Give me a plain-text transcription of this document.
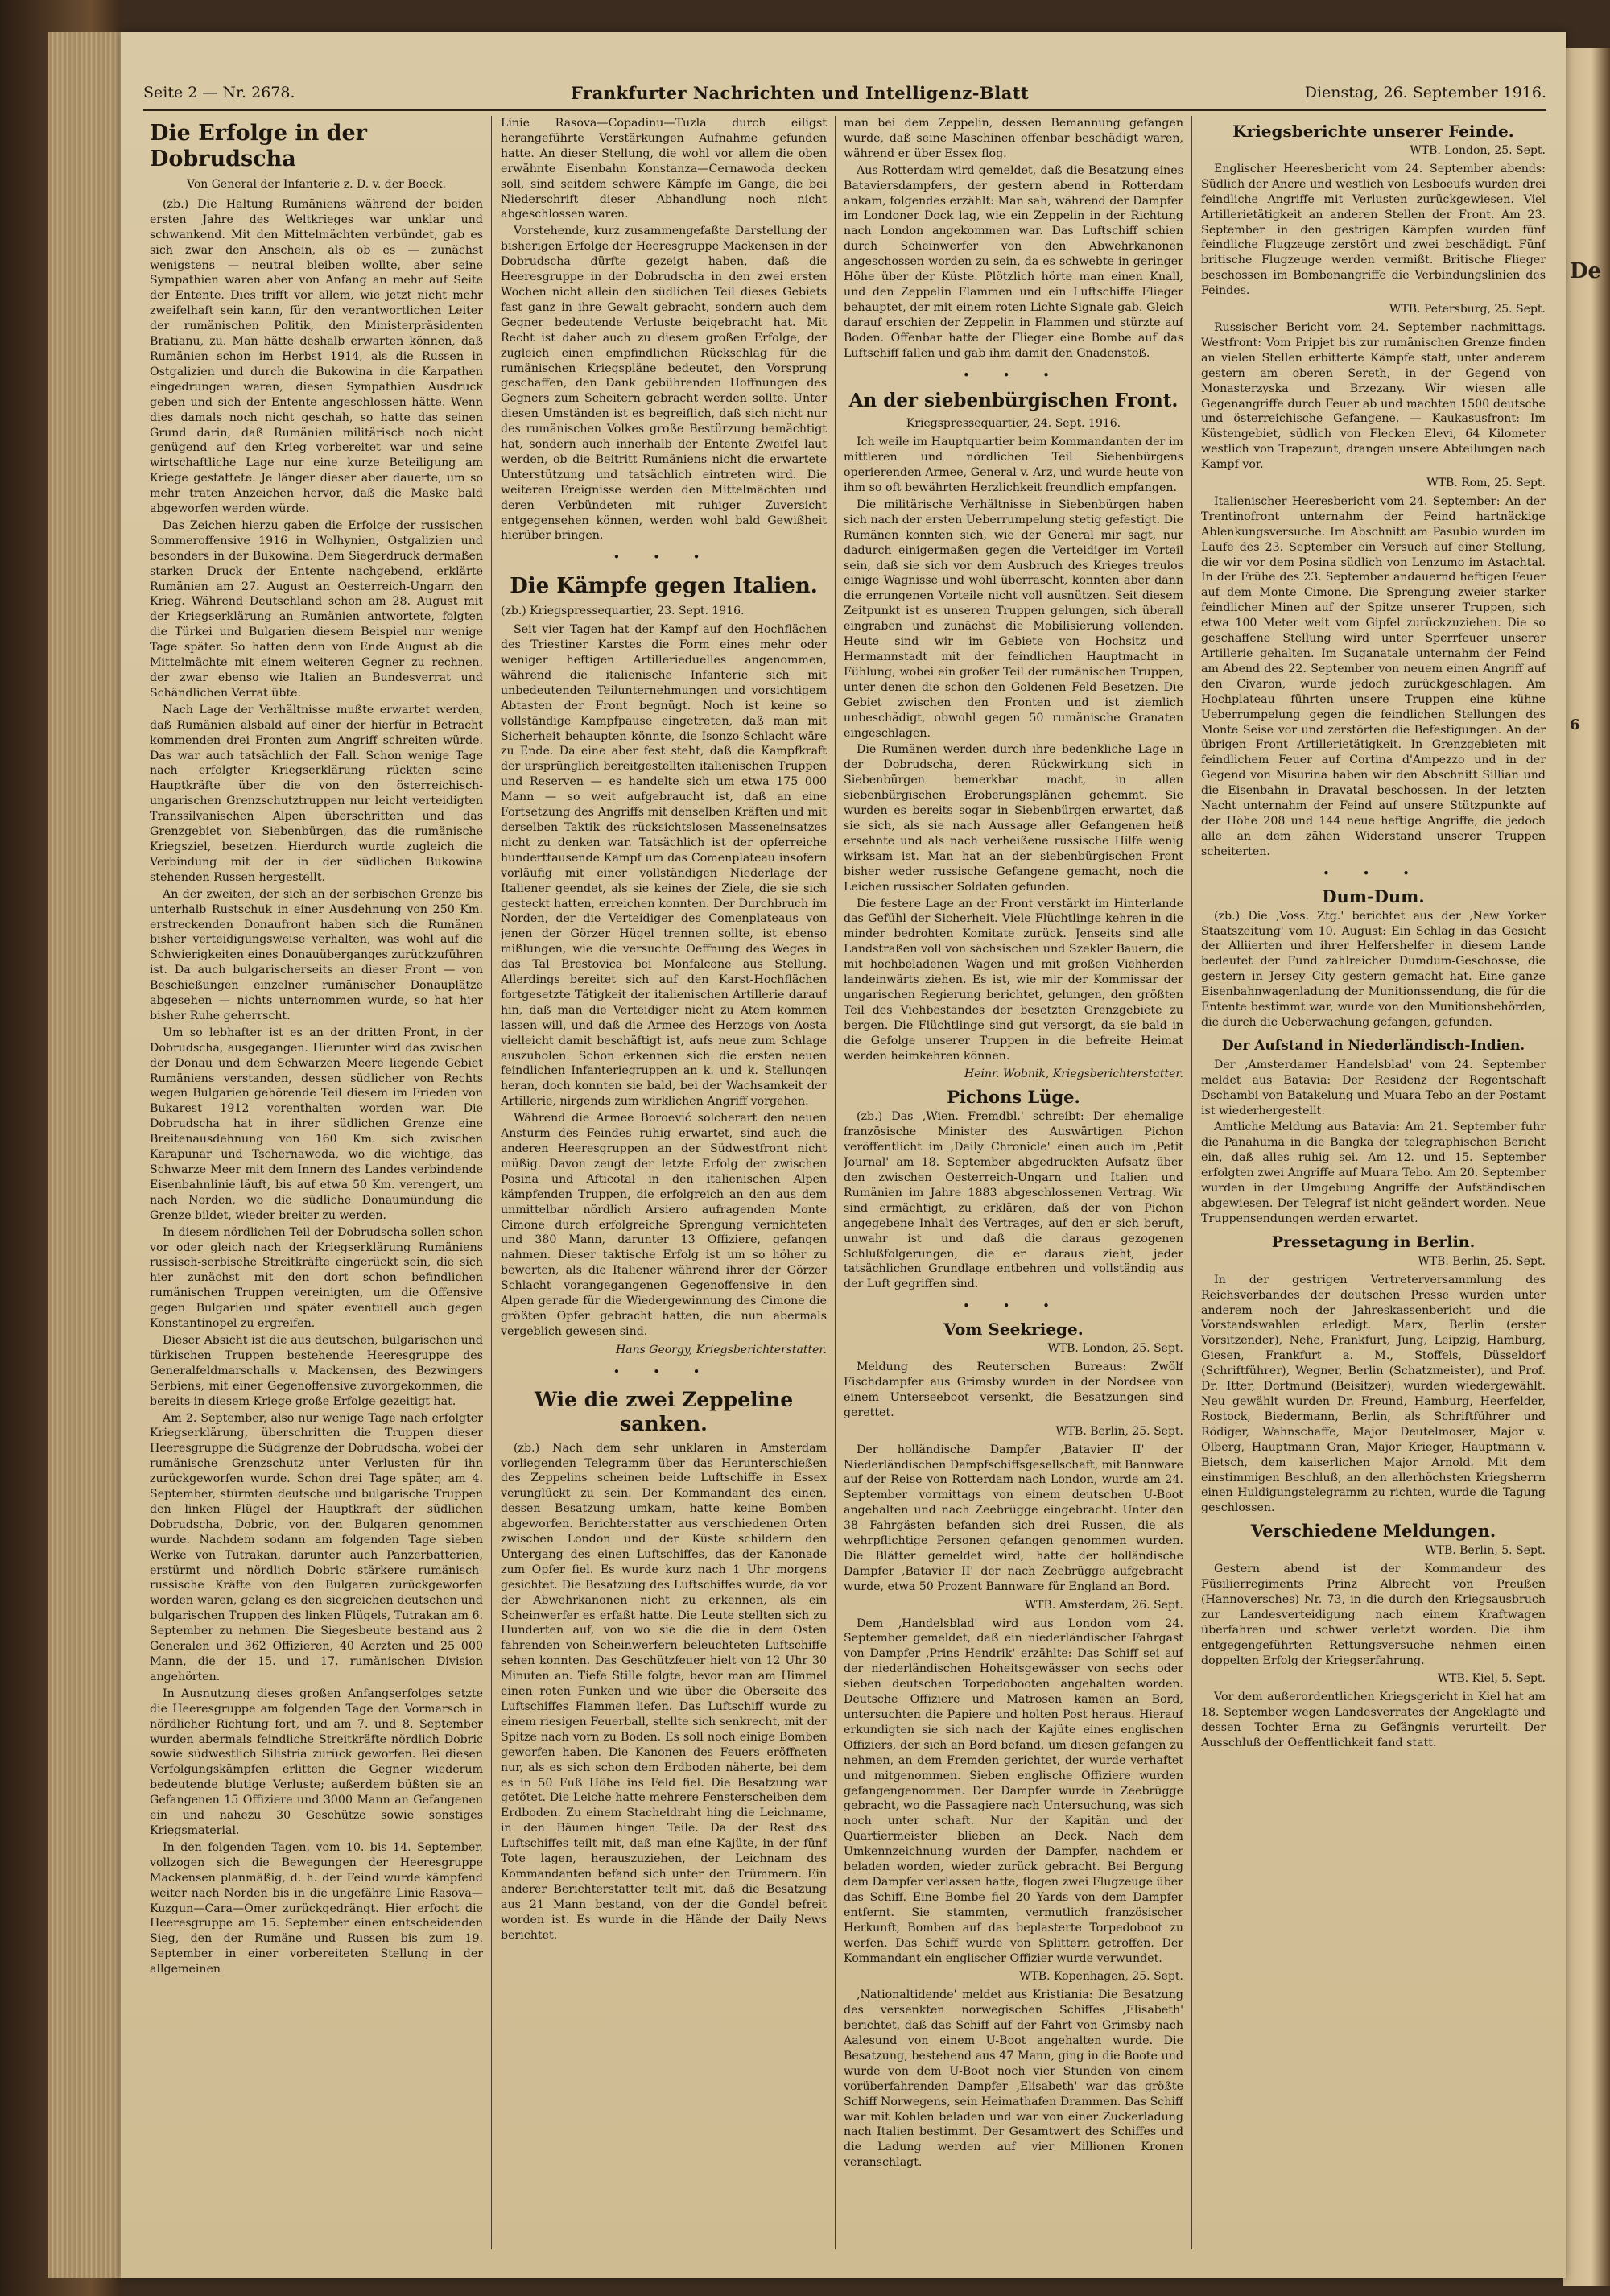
De
6
Seite 2 — Nr. 2678.	Frankfurter Nachrichten und Intelligenz-Blatt	Dienstag, 26. September 1916.
Die Erfolge in der Dobrudscha
Von General der Infanterie z. D. v. der Boeck.

(zb.) Die Haltung Rumäniens während der beiden ersten Jahre des Weltkrieges war unklar und schwankend. Mit den Mittelmächten verbündet, gab es sich zwar den Anschein, als ob es — zunächst wenigstens — neutral bleiben wollte, aber seine Sympathien waren aber von Anfang an mehr auf Seite der Entente. Dies trifft vor allem, wie jetzt nicht mehr zweifelhaft sein kann, für den verantwortlichen Leiter der rumänischen Politik, den Ministerpräsidenten Bratianu, zu. Man hätte deshalb erwarten können, daß Rumänien schon im Herbst 1914, als die Russen in Ostgalizien und durch die Bukowina in die Karpathen eingedrungen waren, diesen Sympathien Ausdruck geben und sich der Entente angeschlossen hätte. Wenn dies damals noch nicht geschah, so hatte das seinen Grund darin, daß Rumänien militärisch noch nicht genügend auf den Krieg vorbereitet war und seine wirtschaftliche Lage nur eine kurze Beteiligung am Kriege gestattete. Je länger dieser aber dauerte, um so mehr traten Anzeichen hervor, daß die Maske bald abgeworfen werden würde.

Das Zeichen hierzu gaben die Erfolge der russischen Sommeroffensive 1916 in Wolhynien, Ostgalizien und besonders in der Bukowina. Dem Siegerdruck dermaßen starken Druck der Entente nachgebend, erklärte Rumänien am 27. August an Oesterreich-Ungarn den Krieg. Während Deutschland schon am 28. August mit der Kriegserklärung an Rumänien antwortete, folgten die Türkei und Bulgarien diesem Beispiel nur wenige Tage später. So hatten denn von Ende August ab die Mittelmächte mit einem weiteren Gegner zu rechnen, der zwar ebenso wie Italien an Bundesverrat und Schändlichen Verrat übte.

Nach Lage der Verhältnisse mußte erwartet werden, daß Rumänien alsbald auf einer der hierfür in Betracht kommenden drei Fronten zum Angriff schreiten würde. Das war auch tatsächlich der Fall. Schon wenige Tage nach erfolgter Kriegserklärung rückten seine Hauptkräfte über die von den österreichisch-ungarischen Grenzschutztruppen nur leicht verteidigten Transsilvanischen Alpen überschritten und das Grenzgebiet von Siebenbürgen, das die rumänische Kriegsziel, besetzen. Hierdurch wurde zugleich die Verbindung mit der in der südlichen Bukowina stehenden Russen hergestellt.

An der zweiten, der sich an der serbischen Grenze bis unterhalb Rustschuk in einer Ausdehnung von 250 Km. erstreckenden Donaufront haben sich die Rumänen bisher verteidigungsweise verhalten, was wohl auf die Schwierigkeiten eines Donauüberganges zurückzuführen ist. Da auch bulgarischerseits an dieser Front — von Beschießungen einzelner rumänischer Donauplätze abgesehen — nichts unternommen wurde, so hat hier bisher Ruhe geherrscht.

Um so lebhafter ist es an der dritten Front, in der Dobrudscha, ausgegangen. Hierunter wird das zwischen der Donau und dem Schwarzen Meere liegende Gebiet Rumäniens verstanden, dessen südlicher von Rechts wegen Bulgarien gehörende Teil diesem im Frieden von Bukarest 1912 vorenthalten worden war. Die Dobrudscha hat in ihrer südlichen Grenze eine Breitenausdehnung von 160 Km. sich zwischen Karapunar und Tschernawoda, wo die wichtige, das Schwarze Meer mit dem Innern des Landes verbindende Eisenbahnlinie läuft, bis auf etwa 50 Km. verengert, um nach Norden, wo die südliche Donaumündung die Grenze bildet, wieder breiter zu werden.

In diesem nördlichen Teil der Dobrudscha sollen schon vor oder gleich nach der Kriegserklärung Rumäniens russisch-serbische Streitkräfte eingerückt sein, die sich hier zunächst mit den dort schon befindlichen rumänischen Truppen vereinigten, um die Offensive gegen Bulgarien und später eventuell auch gegen Konstantinopel zu ergreifen.

Dieser Absicht ist die aus deutschen, bulgarischen und türkischen Truppen bestehende Heeresgruppe des Generalfeldmarschalls v. Mackensen, des Bezwingers Serbiens, mit einer Gegenoffensive zuvorgekommen, die bereits in diesem Kriege große Erfolge gezeitigt hat.

Am 2. September, also nur wenige Tage nach erfolgter Kriegserklärung, überschritten die Truppen dieser Heeresgruppe die Südgrenze der Dobrudscha, wobei der rumänische Grenzschutz unter Verlusten für ihn zurückgeworfen wurde. Schon drei Tage später, am 4. September, stürmten deutsche und bulgarische Truppen den linken Flügel der Hauptkraft der südlichen Dobrudscha, Dobric, von den Bulgaren genommen wurde. Nachdem sodann am folgenden Tage sieben Werke von Tutrakan, darunter auch Panzerbatterien, erstürmt und nördlich Dobric stärkere rumänisch-russische Kräfte von den Bulgaren zurückgeworfen worden waren, gelang es den siegreichen deutschen und bulgarischen Truppen des linken Flügels, Tutrakan am 6. September zu nehmen. Die Siegesbeute bestand aus 2 Generalen und 362 Offizieren, 40 Aerzten und 25 000 Mann, die der 15. und 17. rumänischen Division angehörten.

In Ausnutzung dieses großen Anfangserfolges setzte die Heeresgruppe am folgenden Tage den Vormarsch in nördlicher Richtung fort, und am 7. und 8. September wurden abermals feindliche Streitkräfte nördlich Dobric sowie südwestlich Silistria zurück geworfen. Bei diesen Verfolgungskämpfen erlitten die Gegner wiederum bedeutende blutige Verluste; außerdem büßten sie an Gefangenen 15 Offiziere und 3000 Mann an Gefangenen ein und nahezu 30 Geschütze sowie sonstiges Kriegsmaterial.

In den folgenden Tagen, vom 10. bis 14. September, vollzogen sich die Bewegungen der Heeresgruppe Mackensen planmäßig, d. h. der Feind wurde kämpfend weiter nach Norden bis in die ungefähre Linie Rasova—Kuzgun—Cara—Omer zurückgedrängt. Hier erfocht die Heeresgruppe am 15. September einen entscheidenden Sieg, den der Rumäne und Russen bis zum 19. September in einer vorbereiteten Stellung in der allgemeinen

Linie Rasova—Copadinu—Tuzla durch eiligst herangeführte Verstärkungen Aufnahme gefunden hatte. An dieser Stellung, die wohl vor allem die oben erwähnte Eisenbahn Konstanza—Cernawoda decken soll, sind seitdem schwere Kämpfe im Gange, die bei Niederschrift dieser Abhandlung noch nicht abgeschlossen waren.

Vorstehende, kurz zusammengefaßte Darstellung der bisherigen Erfolge der Heeresgruppe Mackensen in der Dobrudscha dürfte gezeigt haben, daß die Heeresgruppe in der Dobrudscha in den zwei ersten Wochen nicht allein den südlichen Teil dieses Gebiets fast ganz in ihre Gewalt gebracht, sondern auch dem Gegner bedeutende Verluste beigebracht hat. Mit Recht ist daher auch zu diesem großen Erfolge, der zugleich einen empfindlichen Rückschlag für die rumänischen Kriegspläne bedeutet, den Vorsprung geschaffen, den Dank gebührenden Hoffnungen des Gegners zum Scheitern gebracht werden sollte. Unter diesen Umständen ist es begreiflich, daß sich nicht nur des rumänischen Volkes große Bestürzung bemächtigt hat, sondern auch innerhalb der Entente Zweifel laut werden, ob die Beitritt Rumäniens nicht die erwartete Unterstützung und tatsächlich eintreten wird. Die weiteren Ereignisse werden den Mittelmächten und deren Verbündeten mit ruhiger Zuversicht entgegensehen können, werden wohl bald Gewißheit hierüber bringen.

• • •
Die Kämpfe gegen Italien.
(zb.) Kriegspressequartier, 23. Sept. 1916.

Seit vier Tagen hat der Kampf auf den Hochflächen des Triestiner Karstes die Form eines mehr oder weniger heftigen Artillerieduelles angenommen, während die italienische Infanterie sich mit unbedeutenden Teilunternehmungen und vorsichtigem Abtasten der Front begnügt. Noch ist keine so vollständige Kampfpause eingetreten, daß man mit Sicherheit behaupten könnte, die Isonzo-Schlacht wäre zu Ende. Da eine aber fest steht, daß die Kampfkraft der ursprünglich bereitgestellten italienischen Truppen und Reserven — es handelte sich um etwa 175 000 Mann — so weit aufgebraucht ist, daß an eine Fortsetzung des Angriffs mit denselben Kräften und mit derselben Taktik des rücksichtslosen Masseneinsatzes nicht zu denken war. Tatsächlich ist der opferreiche hunderttausende Kampf um das Comenplateau insofern vorläufig mit einer vollständigen Niederlage der Italiener geendet, als sie keines der Ziele, die sie sich gesteckt hatten, erreichen konnten. Der Durchbruch im Norden, der die Verteidiger des Comenplateaus von jenen der Görzer Hügel trennen sollte, ist ebenso mißlungen, wie die versuchte Oeffnung des Weges in das Tal Brestovica bei Monfalcone aus Stellung. Allerdings bereitet sich auf den Karst-Hochflächen fortgesetzte Tätigkeit der italienischen Artillerie darauf hin, daß man die Verteidiger nicht zu Atem kommen lassen will, und daß die Armee des Herzogs von Aosta vielleicht damit beschäftigt ist, aufs neue zum Schlage auszuholen. Schon erkennen sich die ersten neuen feindlichen Infanteriegruppen an k. und k. Stellungen heran, doch konnten sie bald, bei der Wachsamkeit der Artillerie, nirgends zum wirklichen Angriff vorgehen.

Während die Armee Boroević solcherart den neuen Ansturm des Feindes ruhig erwartet, sind auch die anderen Heeresgruppen an der Südwestfront nicht müßig. Davon zeugt der letzte Erfolg der zwischen Posina und Afticotal in den italienischen Alpen kämpfenden Truppen, die erfolgreich an den aus dem unmittelbar nördlich Arsiero aufragenden Monte Cimone durch erfolgreiche Sprengung vernichteten und 380 Mann, darunter 13 Offiziere, gefangen nahmen. Dieser taktische Erfolg ist um so höher zu bewerten, als die Italiener während ihrer der Görzer Schlacht vorangegangenen Gegenoffensive in den Alpen gerade für die Wiedergewinnung des Cimone die größten Opfer gebracht hatten, die nun abermals vergeblich gewesen sind.

Hans Georgy, Kriegsberichterstatter.
• • •
Wie die zwei Zeppeline sanken.

(zb.) Nach dem sehr unklaren in Amsterdam vorliegenden Telegramm über das Herunterschießen des Zeppelins scheinen beide Luftschiffe in Essex verunglückt zu sein. Der Kommandant des einen, dessen Besatzung umkam, hatte keine Bomben abgeworfen. Berichterstatter aus verschiedenen Orten zwischen London und der Küste schildern den Untergang des einen Luftschiffes, das der Kanonade zum Opfer fiel. Es wurde kurz nach 1 Uhr morgens gesichtet. Die Besatzung des Luftschiffes wurde, da vor der Abwehrkanonen nicht zu erkennen, als ein Scheinwerfer es erfaßt hatte. Die Leute stellten sich zu Hunderten auf, von wo sie die die in dem Osten fahrenden von Scheinwerfern beleuchteten Luftschiffe sehen konnten. Das Geschützfeuer hielt von 12 Uhr 30 Minuten an. Tiefe Stille folgte, bevor man am Himmel einen roten Funken und wie über die Oberseite des Luftschiffes Flammen liefen. Das Luftschiff wurde zu einem riesigen Feuerball, stellte sich senkrecht, mit der Spitze nach vorn zu Boden. Es soll noch einige Bomben geworfen haben. Die Kanonen des Feuers eröffneten nur, als es sich schon dem Erdboden näherte, bei dem es in 50 Fuß Höhe ins Feld fiel. Die Besatzung war getötet. Die Leiche hatte mehrere Fensterscheiben dem Erdboden. Zu einem Stacheldraht hing die Leichname, in den Bäumen hingen Teile. Da der Rest des Luftschiffes teilt mit, daß man eine Kajüte, in der fünf Tote lagen, herauszuziehen, der Leichnam des Kommandanten befand sich unter den Trümmern. Ein anderer Berichterstatter teilt mit, daß die Besatzung aus 21 Mann bestand, von der die Gondel befreit worden ist. Es wurde in die Hände der Daily News berichtet.

man bei dem Zeppelin, dessen Bemannung gefangen wurde, daß seine Maschinen offenbar beschädigt waren, während er über Essex flog.

Aus Rotterdam wird gemeldet, daß die Besatzung eines Bataviersdampfers, der gestern abend in Rotterdam ankam, folgendes erzählt: Man sah, während der Dampfer im Londoner Dock lag, wie ein Zeppelin in der Richtung nach London angekommen war. Das Luftschiff schien durch Scheinwerfer von den Abwehrkanonen angeschossen worden zu sein, da es schwebte in geringer Höhe über der Küste. Plötzlich hörte man einen Knall, und den Zeppelin Flammen und ein Luftschiffe Flieger behauptet, der mit einem roten Lichte Signale gab. Gleich darauf erschien der Zeppelin in Flammen und stürzte auf Boden. Offenbar hatte der Flieger eine Bombe auf das Luftschiff fallen und gab ihm damit den Gnadenstoß.

• • •
An der siebenbürgischen Front.
Kriegspressequartier, 24. Sept. 1916.

Ich weile im Hauptquartier beim Kommandanten der im mittleren und nördlichen Teil Siebenbürgens operierenden Armee, General v. Arz, und wurde heute von ihm so oft bewährten Herzlichkeit freundlich empfangen.

Die militärische Verhältnisse in Siebenbürgen haben sich nach der ersten Ueberrumpelung stetig gefestigt. Die Rumänen konnten sich, wie der General mir sagt, nur dadurch einigermaßen gegen die Verteidiger im Vorteil sein, daß sie sich vor dem Ausbruch des Krieges treulos einige Wagnisse und wohl überrascht, konnten aber dann die errungenen Vorteile nicht voll ausnützen. Seit diesem Zeitpunkt ist es unseren Truppen gelungen, sich überall eingraben und zunächst die Mobilisierung vollenden. Heute sind wir im Gebiete von Hochsitz und Hermannstadt mit der feindlichen Hauptmacht in Fühlung, wobei ein großer Teil der rumänischen Truppen, unter denen die schon den Goldenen Feld Besetzen. Die Gebiet zwischen den Fronten und ist ziemlich unbeschädigt, obwohl gegen 50 rumänische Granaten eingeschlagen.

Die Rumänen werden durch ihre bedenkliche Lage in der Dobrudscha, deren Rückwirkung sich in Siebenbürgen bemerkbar macht, in allen siebenbürgischen Eroberungsplänen gehemmt. Sie wurden es bereits sogar in Siebenbürgen erwartet, daß sie sich, als sie nach Aussage aller Gefangenen heiß ersehnte und als nach verheißene russische Hilfe wenig wirksam ist. Man hat an der siebenbürgischen Front bisher weder russische Gefangene gemacht, noch die Leichen russischer Soldaten gefunden.

Die festere Lage an der Front verstärkt im Hinterlande das Gefühl der Sicherheit. Viele Flüchtlinge kehren in die minder bedrohten Komitate zurück. Jenseits sind alle Landstraßen voll von sächsischen und Szekler Bauern, die mit hochbeladenen Wagen und mit großen Viehherden landeinwärts ziehen. Es ist, wie mir der Kommissar der ungarischen Regierung berichtet, gelungen, den größten Teil des Viehbestandes der besetzten Grenzgebiete zu bergen. Die Flüchtlinge sind gut versorgt, da sie bald in die Gefolge unserer Truppen in die befreite Heimat werden heimkehren können.

Heinr. Wobnik, Kriegsberichterstatter.
Pichons Lüge.

(zb.) Das ‚Wien. Fremdbl.' schreibt: Der ehemalige französische Minister des Auswärtigen Pichon veröffentlicht im ‚Daily Chronicle' einen auch im ‚Petit Journal' am 18. September abgedruckten Aufsatz über den zwischen Oesterreich-Ungarn und Italien und Rumänien im Jahre 1883 abgeschlossenen Vertrag. Wir sind ermächtigt, zu erklären, daß der von Pichon angegebene Inhalt des Vertrages, auf den er sich beruft, unwahr ist und daß die daraus gezogenen Schlußfolgerungen, die er daraus zieht, jeder tatsächlichen Grundlage entbehren und vollständig aus der Luft gegriffen sind.

• • •
Vom Seekriege.
WTB. London, 25. Sept.

Meldung des Reuterschen Bureaus: Zwölf Fischdampfer aus Grimsby wurden in der Nordsee von einem Unterseeboot versenkt, die Besatzungen sind gerettet.

WTB. Berlin, 25. Sept.

Der holländische Dampfer ‚Batavier II' der Niederländischen Dampfschiffsgesellschaft, mit Bannware auf der Reise von Rotterdam nach London, wurde am 24. September vormittags von einem deutschen U-Boot angehalten und nach Zeebrügge eingebracht. Unter den 38 Fahrgästen befanden sich drei Russen, die als wehrpflichtige Personen gefangen genommen wurden. Die Blätter gemeldet wird, hatte der holländische Dampfer ‚Batavier II' der nach Zeebrügge aufgebracht wurde, etwa 50 Prozent Bannware für England an Bord.

WTB. Amsterdam, 26. Sept.

Dem ‚Handelsblad' wird aus London vom 24. September gemeldet, daß ein niederländischer Fahrgast von Dampfer ‚Prins Hendrik' erzählte: Das Schiff sei auf der niederländischen Hoheitsgewässer von sechs oder sieben deutschen Torpedobooten angehalten worden. Deutsche Offiziere und Matrosen kamen an Bord, untersuchten die Papiere und holten Post heraus. Hierauf erkundigten sie sich nach der Kajüte eines englischen Offiziers, der sich an Bord befand, um diesen gefangen zu nehmen, an dem Fremden gerichtet, der wurde verhaftet und mitgenommen. Sieben englische Offiziere wurden gefangengenommen. Der Dampfer wurde in Zeebrügge gebracht, wo die Passagiere nach Untersuchung, was sich noch unter schaft. Nur der Kapitän und der Quartiermeister blieben an Deck. Nach dem Umkennzeichnung wurden der Dampfer, nachdem er beladen worden, wieder zurück gebracht. Bei Bergung dem Dampfer verlassen hatte, flogen zwei Flugzeuge über das Schiff. Eine Bombe fiel 20 Yards von dem Dampfer entfernt. Sie stammten, vermutlich französischer Herkunft, Bomben auf das beplasterte Torpedoboot zu werfen. Das Schiff wurde von Splittern getroffen. Der Kommandant ein englischer Offizier wurde verwundet.

WTB. Kopenhagen, 25. Sept.

‚Nationaltidende' meldet aus Kristiania: Die Besatzung des versenkten norwegischen Schiffes ‚Elisabeth' berichtet, daß das Schiff auf der Fahrt von Grimsby nach Aalesund von einem U-Boot angehalten wurde. Die Besatzung, bestehend aus 47 Mann, ging in die Boote und wurde von dem U-Boot noch vier Stunden von einem vorüberfahrenden Dampfer ‚Elisabeth' war das größte Schiff Norwegens, sein Heimathafen Drammen. Das Schiff war mit Kohlen beladen und war von einer Zuckerladung nach Italien bestimmt. Der Gesamtwert des Schiffes und die Ladung werden auf vier Millionen Kronen veranschlagt.

Kriegsberichte unserer Feinde.
WTB. London, 25. Sept.

Englischer Heeresbericht vom 24. September abends: Südlich der Ancre und westlich von Lesboeufs wurden drei feindliche Angriffe mit Verlusten zurückgewiesen. Viel Artillerietätigkeit an anderen Stellen der Front. Am 23. September in den gestrigen Kämpfen wurden fünf feindliche Flugzeuge zerstört und zwei beschädigt. Fünf britische Flugzeuge werden vermißt. Britische Flieger beschossen im Bombenangriffe die Verbindungslinien des Feindes.

WTB. Petersburg, 25. Sept.

Russischer Bericht vom 24. September nachmittags. Westfront: Vom Pripjet bis zur rumänischen Grenze finden an vielen Stellen erbitterte Kämpfe statt, unter anderem gestern am oberen Sereth, in der Gegend von Monasterzyska und Brzezany. Wir wiesen alle Gegenangriffe durch Feuer ab und machten 1500 deutsche und österreichische Gefangene. — Kaukasusfront: Im Küstengebiet, südlich von Flecken Elevi, 64 Kilometer westlich von Trapezunt, drangen unsere Abteilungen nach Kampf vor.

WTB. Rom, 25. Sept.

Italienischer Heeresbericht vom 24. September: An der Trentinofront unternahm der Feind hartnäckige Ablenkungsversuche. Im Abschnitt am Pasubio wurden im Laufe des 23. September ein Versuch auf einer Stellung, die wir vor dem Posina südlich von Lenzumo im Astachtal. In der Frühe des 23. September andauernd heftigen Feuer auf dem Monte Cimone. Die Sprengung zweier starker feindlicher Minen auf der Spitze unserer Truppen, sich etwa 100 Meter weit vom Gipfel zurückzuziehen. Die so geschaffene Stellung wird unter Sperrfeuer unserer Artillerie gehalten. Im Suganatale unternahm der Feind am Abend des 22. September von neuem einen Angriff auf den Civaron, wurde jedoch zurückgeschlagen. Am Hochplateau führten unsere Truppen eine kühne Ueberrumpelung gegen die feindlichen Stellungen des Monte Seise vor und zerstörten die Befestigungen. An der übrigen Front Artillerietätigkeit. In Grenzgebieten mit feindlichem Feuer auf Cortina d'Ampezzo und in der Gegend von Misurina haben wir den Abschnitt Sillian und die Eisenbahn in Dravatal beschossen. In der letzten Nacht unternahm der Feind auf unsere Stützpunkte auf der Höhe 208 und 144 neue heftige Angriffe, die jedoch alle an dem zähen Widerstand unserer Truppen scheiterten.

• • •
Dum-Dum.

(zb.) Die ‚Voss. Ztg.' berichtet aus der ‚New Yorker Staatszeitung' vom 10. August: Ein Schlag in das Gesicht der Alliierten und ihrer Helfershelfer in diesem Lande bedeutet der Fund zahlreicher Dumdum-Geschosse, die gestern in Jersey City gestern gemacht hat. Eine ganze Eisenbahnwagenladung der Munitionssendung, die für die Entente bestimmt war, wurde von den Munitionsbehörden, die durch die Ueberwachung gefangen, gefunden.

Der Aufstand in Niederländisch-Indien.

Der ‚Amsterdamer Handelsblad' vom 24. September meldet aus Batavia: Der Residenz der Regentschaft Dschambi von Batakelung und Muara Tebo an der Postamt ist wiederhergestellt.

Amtliche Meldung aus Batavia: Am 21. September fuhr die Panahuma in die Bangka der telegraphischen Bericht ein, daß alles ruhig sei. Am 12. und 15. September erfolgten zwei Angriffe auf Muara Tebo. Am 20. September wurden in der Umgebung Angriffe der Aufständischen abgewiesen. Der Telegraf ist nicht geändert worden. Neue Truppensendungen werden erwartet.

Pressetagung in Berlin.
WTB. Berlin, 25. Sept.

In der gestrigen Vertreterversammlung des Reichsverbandes der deutschen Presse wurden unter anderem noch der Jahreskassenbericht und die Vorstandswahlen erledigt. Marx, Berlin (erster Vorsitzender), Nehe, Frankfurt, Jung, Leipzig, Hamburg, Giesen, Frankfurt a. M., Stoffels, Düsseldorf (Schriftführer), Wegner, Berlin (Schatzmeister), und Prof. Dr. Itter, Dortmund (Beisitzer), wurden wiedergewählt. Neu gewählt wurden Dr. Freund, Hamburg, Heerfelder, Rostock, Biedermann, Berlin, als Schriftführer und Rödiger, Wahnschaffe, Major Deutelmoser, Major v. Olberg, Hauptmann Gran, Major Krieger, Hauptmann v. Bietsch, dem kaiserlichen Major Arnold. Mit dem einstimmigen Beschluß, an den allerhöchsten Kriegsherrn einen Huldigungstelegramm zu richten, wurde die Tagung geschlossen.

Verschiedene Meldungen.
WTB. Berlin, 5. Sept.

Gestern abend ist der Kommandeur des Füsilierregiments Prinz Albrecht von Preußen (Hannoversches) Nr. 73, in die durch den Kriegsausbruch zur Landesverteidigung nach einem Kraftwagen überfahren und schwer verletzt worden. Die ihm entgegengeführten Rettungsversuche nehmen einen doppelten Erfolg der Kriegserfahrung.

WTB. Kiel, 5. Sept.

Vor dem außerordentlichen Kriegsgericht in Kiel hat am 18. September wegen Landesverrates der Angeklagte und dessen Tochter Erna zu Gefängnis verurteilt. Der Ausschluß der Oeffentlichkeit fand statt.
